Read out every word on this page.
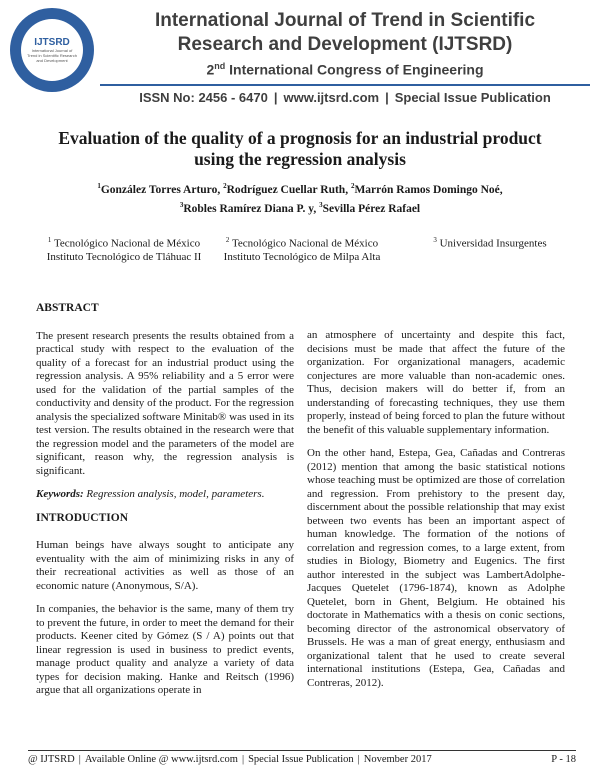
IJTSRD
International Journal of Trend in Scientific Research and Development
International Journal of Trend in Scientific
Research and Development (IJTSRD)
2nd International Congress of Engineering
ISSN No: 2456 - 6470 | www.ijtsrd.com | Special Issue Publication
Evaluation of the quality of a prognosis for an industrial product using the regression analysis
$^1$González Torres Arturo, $^2$Rodríguez Cuellar Ruth, $^2$Marrón Ramos Domingo Noé,
$^3$Robles Ramírez Diana P. y, $^3$Sevilla Pérez Rafael
$^1$ Tecnológico Nacional de México Instituto Tecnológico de Tláhuac II
$^2$ Tecnológico Nacional de México Instituto Tecnológico de Milpa Alta
$^3$ Universidad Insurgentes
ABSTRACT

The present research presents the results obtained from a practical study with respect to the evaluation of the quality of a forecast for an industrial product using the regression analysis. A 95% reliability and a 5 error were used for the validation of the partial samples of the conductivity and density of the product. For the regression analysis the specialized software Minitab® was used in its test version. The results obtained in the research were that the regression model and the parameters of the model are significant, reason why, the regression analysis is significant.

Keywords: Regression analysis, model, parameters.

INTRODUCTION

Human beings have always sought to anticipate any eventuality with the aim of minimizing risks in any of their recreational activities as well as those of an economic nature (Anonymous, S/A).

In companies, the behavior is the same, many of them try to prevent the future, in order to meet the demand for their products. Keener cited by Gómez (S / A) points out that linear regression is used in business to predict events, manage product quality and analyze a variety of data types for decision making. Hanke and Reitsch (1996) argue that all organizations operate in

an atmosphere of uncertainty and despite this fact, decisions must be made that affect the future of the organization. For organizational managers, academic conjectures are more valuable than non-academic ones. Thus, decision makers will do better if, from an understanding of forecasting techniques, they use them properly, instead of being forced to plan the future without the benefit of this valuable supplementary information.

On the other hand, Estepa, Gea, Cañadas and Contreras (2012) mention that among the basic statistical notions whose teaching must be optimized are those of correlation and regression. From prehistory to the present day, discernment about the possible relationship that may exist between two events has been an important aspect of human knowledge. The formation of the notions of correlation and regression comes, to a large extent, from studies in Biology, Biometry and Eugenics. The first author interested in the subject was LambertAdolphe-Jacques Quetelet (1796-1874), known as Adolphe Quetelet, born in Ghent, Belgium. He obtained his doctorate in Mathematics with a thesis on conic sections, becoming director of the astronomical observatory of Brussels. He was a man of great energy, enthusiasm and organizational talent that he used to create several international institutions (Estepa, Gea, Cañadas and Contreras, 2012).

@ IJTSRD | Available Online @ www.ijtsrd.com | Special Issue Publication | November 2017	P - 18
